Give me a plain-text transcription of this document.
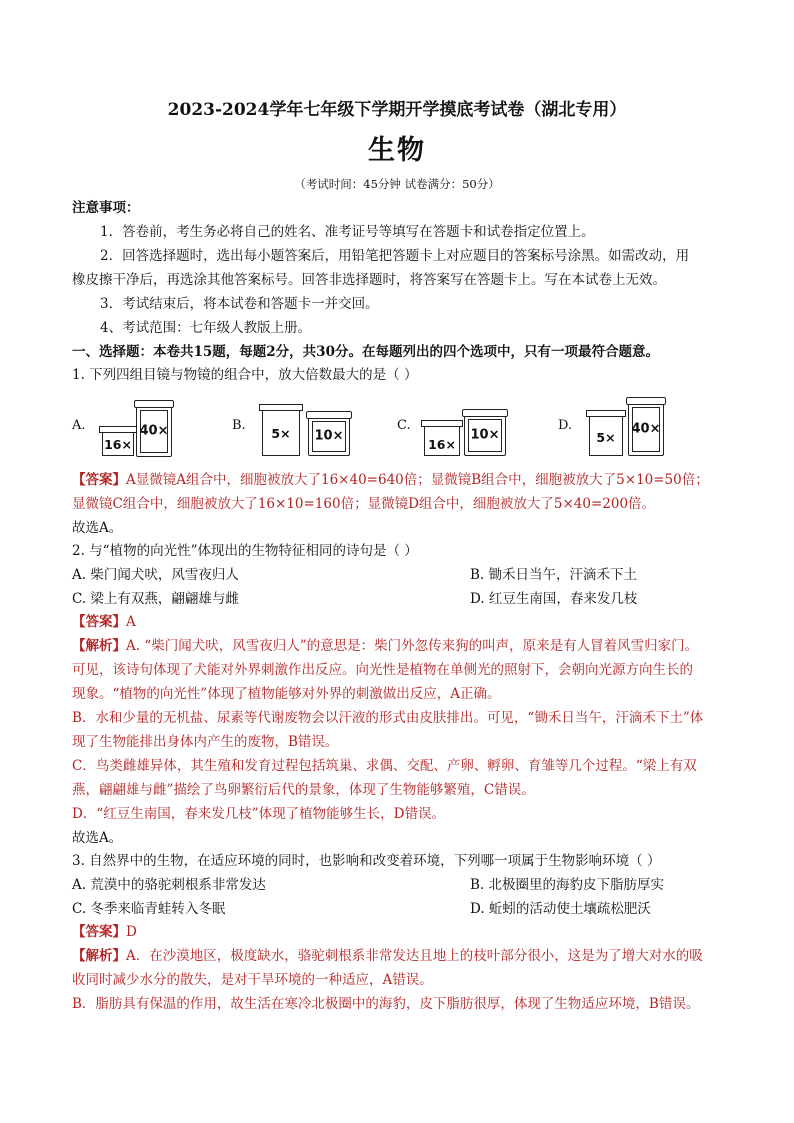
2023-2024学年七年级下学期开学摸底考试卷（湖北专用）
生物
（考试时间：45分钟 试卷满分：50分）
注意事项：
1．答卷前，考生务必将自己的姓名、准考证号等填写在答题卡和试卷指定位置上。
2．回答选择题时，选出每小题答案后，用铅笔把答题卡上对应题目的答案标号涂黑。如需改动，用
橡皮擦干净后，再选涂其他答案标号。回答非选择题时，将答案写在答题卡上。写在本试卷上无效。
3．考试结束后，将本试卷和答题卡一并交回。
4、考试范围：七年级人教版上册。
一、选择题：本卷共15题，每题2分，共30分。在每题列出的四个选项中，只有一项最符合题意。
1. 下列四组目镜与物镜的组合中，放大倍数最大的是（ ）
A.
16×
40×	B.
5×	10×
C.
16×
10×
D.
5×
40×
【答案】A显微镜A组合中，细胞被放大了16×40=640倍；显微镜B组合中，细胞被放大了5×10=50倍；
显微镜C组合中，细胞被放大了16×10=160倍；显微镜D组合中，细胞被放大了5×40=200倍。
故选A。
2. 与“植物的向光性”体现出的生物特征相同的诗句是（ ）
A. 柴门闻犬吠，风雪夜归人	B. 锄禾日当午，汗滴禾下土
C. 梁上有双燕，翩翩雄与雌	D. 红豆生南国，春来发几枝
【答案】A
【解析】A. “柴门闻犬吠，风雪夜归人”的意思是：柴门外忽传来狗的叫声，原来是有人冒着风雪归家门。
可见，该诗句体现了犬能对外界刺激作出反应。向光性是植物在单侧光的照射下，会朝向光源方向生长的
现象。“植物的向光性”体现了植物能够对外界的刺激做出反应，A正确。
B．水和少量的无机盐、尿素等代谢废物会以汗液的形式由皮肤排出。可见，“锄禾日当午，汗滴禾下土”体
现了生物能排出身体内产生的废物，B错误。
C．鸟类雌雄异体，其生殖和发育过程包括筑巢、求偶、交配、产卵、孵卵、育雏等几个过程。“梁上有双
燕，翩翩雄与雌”描绘了鸟卵繁衍后代的景象，体现了生物能够繁殖，C错误。
D．“红豆生南国，春来发几枝”体现了植物能够生长，D错误。
故选A。
3. 自然界中的生物，在适应环境的同时，也影响和改变着环境，下列哪一项属于生物影响环境（ ）
A. 荒漠中的骆驼刺根系非常发达	B. 北极圈里的海豹皮下脂肪厚实
C. 冬季来临青蛙转入冬眠	D. 蚯蚓的活动使土壤疏松肥沃
【答案】D
【解析】A．在沙漠地区，极度缺水，骆驼刺根系非常发达且地上的枝叶部分很小，这是为了增大对水的吸
收同时减少水分的散失，是对干旱环境的一种适应，A错误。
B．脂肪具有保温的作用，故生活在寒冷北极圈中的海豹，皮下脂肪很厚，体现了生物适应环境，B错误。
